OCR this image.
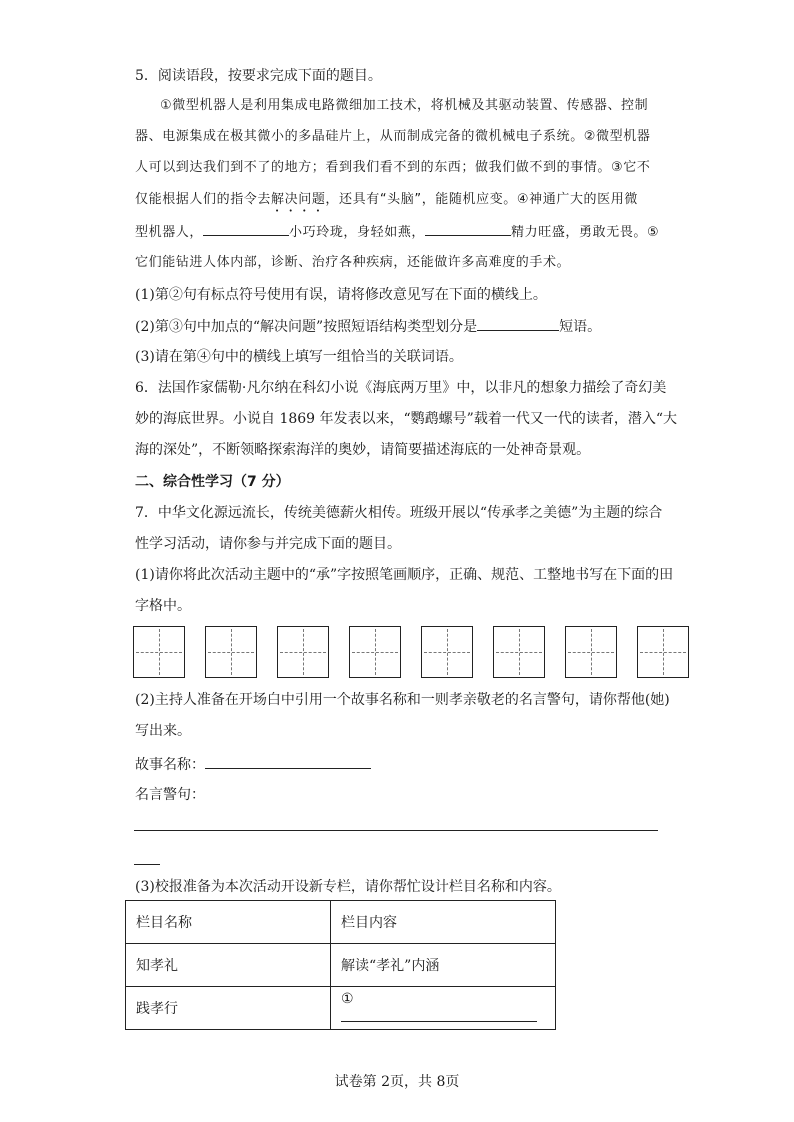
5．阅读语段，按要求完成下面的题目。
①微型机器人是利用集成电路微细加工技术，将机械及其驱动装置、传感器、控制
器、电源集成在极其微小的多晶硅片上，从而制成完备的微机械电子系统。②微型机器
人可以到达我们到不了的地方；看到我们看不到的东西；做我们做不到的事情。③它不
仅能根据人们的指令去解决问题，还具有“头脑”，能随机应变。④神通广大的医用微
型机器人，	小巧玲珑，身轻如燕，	精力旺盛，勇敢无畏。⑤
它们能钻进人体内部，诊断、治疗各种疾病，还能做许多高难度的手术。
(1)第②句有标点符号使用有误，请将修改意见写在下面的横线上。
(2)第③句中加点的“解决问题”按照短语结构类型划分是	短语。
(3)请在第④句中的横线上填写一组恰当的关联词语。
6．法国作家儒勒·凡尔纳在科幻小说《海底两万里》中，以非凡的想象力描绘了奇幻美
妙的海底世界。小说自 1869 年发表以来，“鹦鹉螺号”载着一代又一代的读者，潜入“大
海的深处”，不断领略探索海洋的奥妙，请简要描述海底的一处神奇景观。
二、综合性学习（7 分）
7．中华文化源远流长，传统美德薪火相传。班级开展以“传承孝之美德”为主题的综合
性学习活动，请你参与并完成下面的题目。
(1)请你将此次活动主题中的“承”字按照笔画顺序，正确、规范、工整地书写在下面的田
字格中。
(2)主持人准备在开场白中引用一个故事名称和一则孝亲敬老的名言警句，请你帮他(她)
写出来。
故事名称：
名言警句：
(3)校报准备为本次活动开设新专栏，请你帮忙设计栏目名称和内容。
栏目名称	栏目内容
知孝礼	解读“孝礼”内涵
践孝行	①
试卷第 2页，共 8页
